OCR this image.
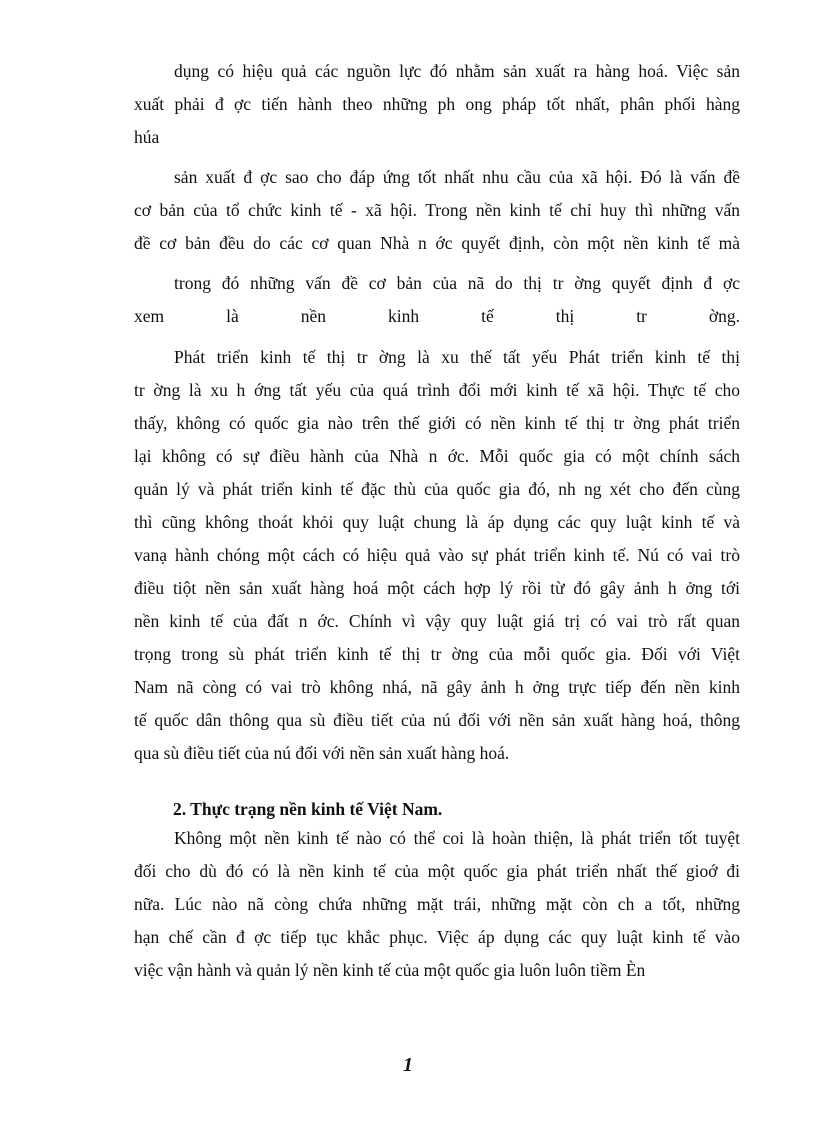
dụng có hiệu quả các nguồn lực đó nhằm sản xuất ra hàng hoá. Việc sản
xuất phải đ ợc tiến hành theo những ph ong pháp tốt nhất, phân phối hàng
húa
sản xuất đ ợc sao cho đáp ứng tốt nhất nhu cầu của xã hội. Đó là vấn đề
cơ bản của tổ chức kinh tế - xã hội. Trong nền kinh tế chỉ huy thì những vấn
đề cơ bản đều do các cơ quan Nhà n ớc quyết định, còn một nền kinh tế mà
trong đó những vấn đề cơ bản của nã do thị tr ờng quyết định đ ợc
xem là nền kinh tế thị tr ờng.
Phát triển kinh tế thị tr ờng là xu thế tất yếu Phát triển kinh tế thị
tr ờng là xu h ớng tất yếu của quá trình đổi mới kinh tế xã hội. Thực tế cho
thấy, không có quốc gia nào trên thế giới có nền kinh tế thị tr ờng phát triển
lại không có sự điều hành của Nhà n ớc. Mỗi quốc gia có một chính sách
quản lý và phát triển kinh tế đặc thù của quốc gia đó, nh ng xét cho đến cùng
thì cũng không thoát khỏi quy luật chung là áp dụng các quy luật kinh tế và
vanạ hành chóng một cách có hiệu quả vào sự phát triển kinh tế. Nú có vai trò
điều tiột nền sản xuất hàng hoá một cách hợp lý rồi từ đó gây ảnh h ởng tới
nền kinh tế của đất n ớc. Chính vì vậy quy luật giá trị có vai trò rất quan
trọng trong sù phát triển kinh tế thị tr ờng của mỗi quốc gia. Đối với Việt
Nam nã còng có vai trò không nhá, nã gây ảnh h ởng trực tiếp đến nền kinh
tế quốc dân thông qua sù điều tiết của nú đối với nền sản xuất hàng hoá, thông
qua sù điều tiết của nú đối với nền sản xuất hàng hoá.
2. Thực trạng nền kinh tế Việt Nam.
Không một nền kinh tế nào có thể coi là hoàn thiện, là phát triển tốt tuyệt
đối cho dù đó có là nền kinh tế của một quốc gia phát triển nhất thế gioớ đi
nữa. Lúc nào nã còng chứa những mặt trái, những mặt còn ch a tốt, những
hạn chế cần đ ợc tiếp tục khắc phục. Việc áp dụng các quy luật kinh tế vào
việc vận hành và quản lý nền kinh tế của một quốc gia luôn luôn tiềm Èn
1
